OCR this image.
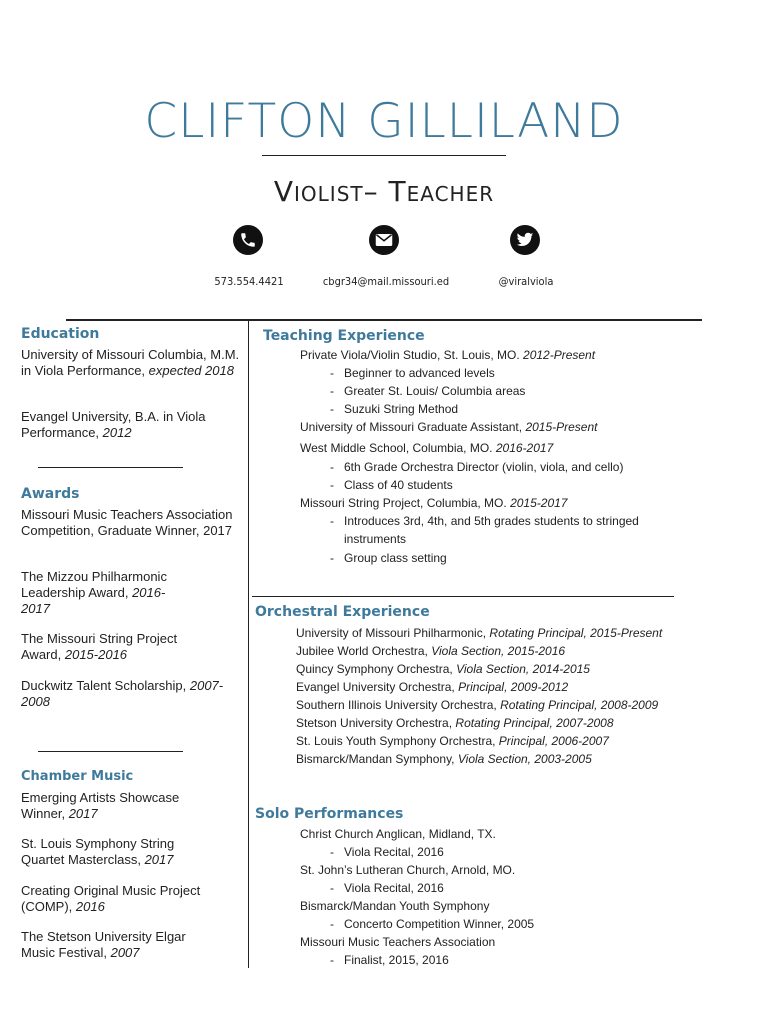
CLIFTON GILLILAND
Violist– Teacher
573.554.4421	cbgr34@mail.missouri.ed	@viralviola
Education
University of Missouri Columbia, M.M. in Viola Performance, expected 2018
Evangel University, B.A. in Viola Performance, 2012
Awards
Missouri Music Teachers Association Competition, Graduate Winner, 2017
The Mizzou Philharmonic Leadership Award, 2016-2017
The Missouri String Project Award, 2015-2016
Duckwitz Talent Scholarship, 2007-2008
Chamber Music
Emerging Artists Showcase Winner, 2017
St. Louis Symphony String Quartet Masterclass, 2017
Creating Original Music Project (COMP), 2016
The Stetson University Elgar Music Festival, 2007
Teaching Experience
Private Viola/Violin Studio, St. Louis, MO. 2012-Present
- Beginner to advanced levels
- Greater St. Louis/ Columbia areas
- Suzuki String Method
University of Missouri Graduate Assistant, 2015-Present
West Middle School, Columbia, MO. 2016-2017
- 6th Grade Orchestra Director (violin, viola, and cello)
- Class of 40 students
Missouri String Project, Columbia, MO. 2015-2017
- Introduces 3rd, 4th, and 5th grades students to stringed instruments
- Group class setting
Orchestral Experience
University of Missouri Philharmonic, Rotating Principal, 2015-Present
Jubilee World Orchestra, Viola Section, 2015-2016
Quincy Symphony Orchestra, Viola Section, 2014-2015
Evangel University Orchestra, Principal, 2009-2012
Southern Illinois University Orchestra, Rotating Principal, 2008-2009
Stetson University Orchestra, Rotating Principal, 2007-2008
St. Louis Youth Symphony Orchestra, Principal, 2006-2007
Bismarck/Mandan Symphony, Viola Section, 2003-2005
Solo Performances
Christ Church Anglican, Midland, TX.
- Viola Recital, 2016
St. John’s Lutheran Church, Arnold, MO.
- Viola Recital, 2016
Bismarck/Mandan Youth Symphony
- Concerto Competition Winner, 2005
Missouri Music Teachers Association
- Finalist, 2015, 2016
